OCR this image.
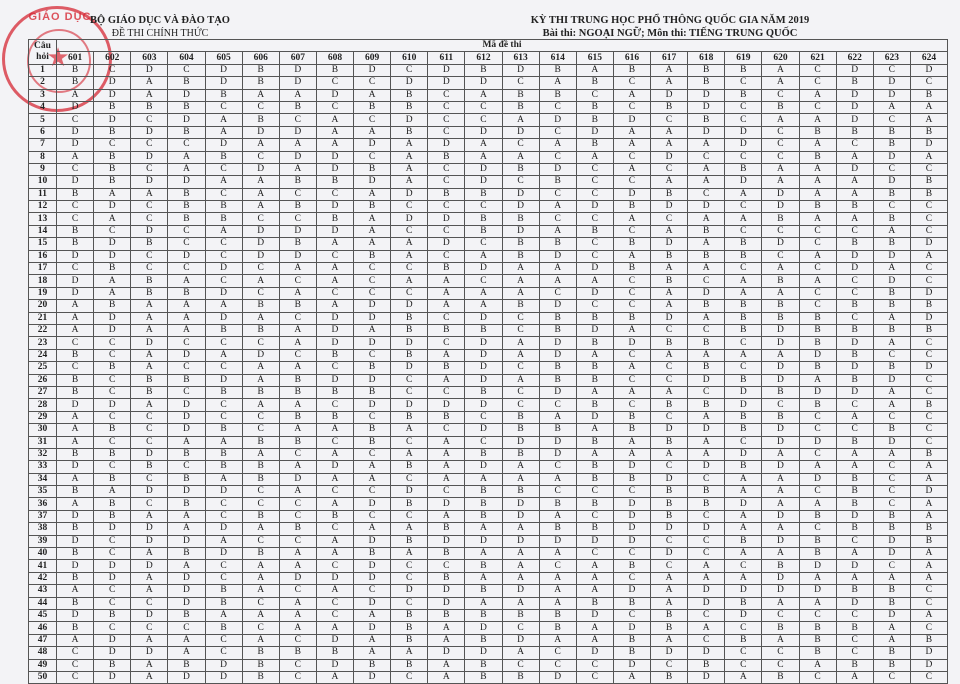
GIÁO DỤC
★
BỘ GIÁO DỤC VÀ ĐÀO TẠO
ĐỀ THI CHÍNH THỨC
KỲ THI TRUNG HỌC PHỔ THÔNG QUỐC GIA NĂM 2019
Bài thi: NGOẠI NGỮ; Môn thi: TIẾNG TRUNG QUỐC
Câu hỏi	Mã đề thi																							
	601	602	603	604	605	606	607	608	609	610	611	612	613	614	615	616	617	618	619	620	621	622	623	624
1	B	C	D	C	D	B	D	B	D	C	D	B	D	B	A	B	A	B	B	A	C	D	C	D
2	B	D	A	B	D	B	D	C	C	D	D	D	C	A	B	C	A	B	C	A	C	B	D	C
3	A	D	A	D	B	A	A	D	A	B	C	A	B	B	C	A	D	D	B	C	A	D	D	B
4	D	B	B	B	C	C	B	C	B	B	C	C	B	C	B	C	B	D	C	B	C	D	A	A
5	C	D	C	D	A	B	C	A	C	D	C	C	A	D	B	D	C	B	C	A	A	D	C	A
6	D	B	D	B	A	D	D	A	A	B	C	D	D	C	D	A	A	D	D	C	B	B	B	B
7	D	C	C	C	D	A	A	A	D	A	D	A	C	A	B	A	A	A	D	C	A	C	B	D
8	A	B	D	A	B	C	D	D	C	A	B	A	A	C	A	C	D	C	C	C	B	A	D	A
9	C	B	C	A	C	D	A	D	B	A	C	D	B	D	C	A	C	A	B	A	A	D	C	C
10	D	B	D	D	A	A	B	B	D	A	C	D	C	B	C	C	A	A	D	A	A	A	D	B
11	B	A	A	B	C	A	C	C	A	D	B	B	D	C	C	D	B	C	A	D	A	A	B	B
12	C	D	C	B	B	A	B	D	B	C	C	C	D	A	D	B	D	D	C	D	B	B	C	C
13	C	A	C	B	B	C	C	B	A	D	D	B	B	C	C	A	C	A	A	B	A	A	B	C
14	B	C	D	C	A	D	D	D	A	C	C	B	D	A	B	C	A	B	C	C	C	C	A	C
15	B	D	B	C	C	D	B	A	A	A	D	C	B	B	C	B	D	A	B	D	C	B	B	D
16	D	D	C	D	C	D	D	C	B	A	C	A	B	D	C	A	B	B	B	C	A	D	D	A
17	C	B	C	C	D	C	A	A	C	C	B	D	A	A	D	B	A	A	C	A	C	D	A	C
18	D	A	B	A	C	A	C	A	C	A	A	C	A	A	A	C	B	C	A	B	A	C	D	C
19	D	A	B	B	D	C	A	C	C	C	A	A	A	C	D	C	A	D	A	A	C	C	B	D
20	A	B	A	A	A	B	B	A	D	D	A	A	B	D	C	C	A	B	B	B	C	B	B	B
21	A	D	A	A	D	A	C	D	D	B	C	D	C	B	B	B	D	A	B	B	B	C	A	D
22	A	D	A	A	B	B	A	D	A	B	B	B	C	B	D	A	C	C	B	D	B	B	B	B
23	C	C	D	C	C	C	A	D	D	D	C	D	A	D	B	D	B	B	C	D	B	D	A	C
24	B	C	A	D	A	D	C	B	C	B	A	D	A	D	A	C	A	A	A	A	D	B	C	C
25	C	B	A	C	C	A	A	C	B	D	B	D	C	B	B	A	C	B	C	D	B	D	B	D
26	B	C	B	B	D	A	B	D	D	C	A	D	A	B	B	C	C	D	B	D	A	B	D	C
27	B	C	B	C	B	B	B	B	B	C	C	B	C	D	A	A	A	C	D	B	D	D	A	C
28	D	D	A	D	C	A	A	C	D	D	D	D	C	C	B	C	B	B	D	C	B	C	A	B
29	A	C	C	D	C	C	B	B	C	B	B	C	B	A	D	B	C	A	B	B	C	A	C	C
30	A	B	C	D	B	C	A	A	B	A	C	D	B	B	A	B	D	D	B	D	C	C	B	C
31	A	C	C	A	A	B	B	C	B	C	A	C	D	D	B	A	B	A	C	D	D	B	D	C
32	B	B	D	B	B	A	C	A	C	A	A	B	B	D	A	A	A	A	D	A	C	A	A	B
33	D	C	B	C	B	B	A	D	A	B	A	D	A	C	B	D	C	D	B	D	A	A	C	A
34	A	B	C	B	A	B	D	A	A	C	A	A	A	A	B	B	D	C	A	A	D	B	C	A
35	B	A	D	D	D	C	A	C	C	D	C	B	B	C	C	C	B	B	A	A	C	B	C	D
36	A	B	C	B	C	C	C	A	D	B	D	B	D	B	B	D	B	B	D	A	A	B	C	A
37	D	B	A	A	C	B	C	B	C	C	A	B	D	A	C	D	B	C	A	D	B	D	B	A
38	B	D	D	A	D	A	B	C	A	A	B	A	A	B	B	D	D	D	A	A	C	B	B	B
39	D	C	D	D	A	C	C	A	D	B	D	D	D	D	D	D	C	C	B	D	B	C	D	B
40	B	C	A	B	D	B	A	A	B	A	B	A	A	A	C	C	D	C	A	A	B	A	D	A
41	D	D	D	A	C	A	A	C	D	C	C	B	A	C	A	B	C	A	C	B	D	D	C	A
42	B	D	A	D	C	A	D	D	D	C	B	A	A	A	A	C	A	A	A	D	A	A	A	A
43	A	C	A	D	B	A	C	A	C	D	D	B	D	A	A	D	A	D	D	D	D	B	B	C
44	B	C	C	D	B	C	A	C	D	C	D	A	A	A	B	B	A	D	B	A	A	D	B	C
45	D	B	D	B	A	A	A	C	A	B	B	B	B	B	D	C	B	C	D	C	C	C	D	A
46	B	C	C	C	B	C	A	A	D	B	A	D	C	B	A	D	B	A	C	B	B	B	A	C
47	A	D	A	A	C	A	C	D	A	B	A	B	D	A	A	B	A	C	B	A	B	C	A	B
48	C	D	D	A	C	B	B	B	A	A	D	D	A	C	D	B	D	D	C	C	B	C	B	D
49	C	B	A	B	D	B	C	D	B	B	A	B	C	C	C	D	C	B	C	C	A	B	B	D
50	C	D	A	D	D	B	C	A	D	C	A	B	B	D	C	A	B	D	A	B	C	A	C	C
